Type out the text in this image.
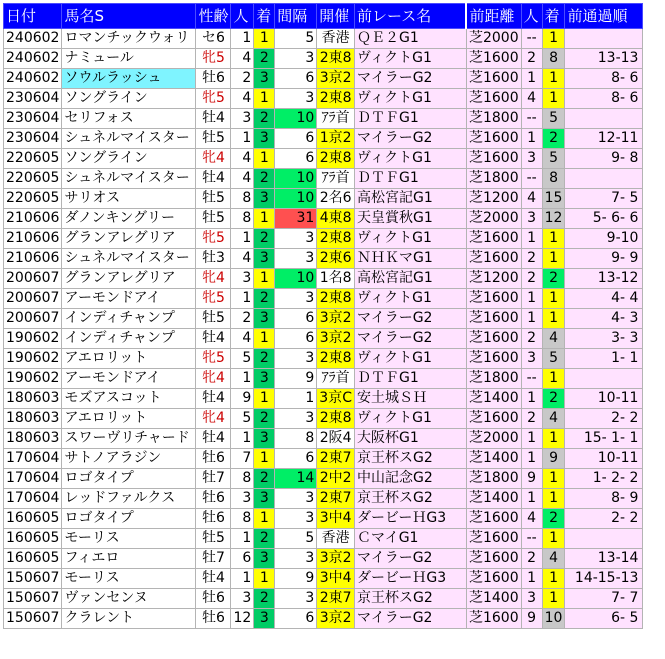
日付	馬名S	性齢	人	着	間隔	開催	前レース名	前距離	人	着	前通過順
240602	ロマンチックウォリ	セ6	1	1	5	香港	ＱＥ２G1	芝2000	--	1	
240602	ナミュール	牝5	4	2	3	2東8	ヴィクトG1	芝1600	2	8	13-13
240602	ソウルラッシュ	牡6	2	3	6	3京2	マイラーG2	芝1600	1	1	8- 6
230604	ソングライン	牝5	4	1	3	2東8	ヴィクトG1	芝1600	4	1	8- 6
230604	セリフォス	牡4	3	2	10	ｱﾗ首	ＤＴＦG1	芝1800	--	5	
230604	シュネルマイスター	牡5	1	3	6	1京2	マイラーG2	芝1600	1	2	12-11
220605	ソングライン	牝4	4	1	6	2東8	ヴィクトG1	芝1600	3	5	9- 8
220605	シュネルマイスター	牡4	4	2	10	ｱﾗ首	ＤＴＦG1	芝1800	--	8	
220605	サリオス	牡5	8	3	10	2名6	高松宮記G1	芝1200	4	15	7- 5
210606	ダノンキングリー	牡5	8	1	31	4東8	天皇賞秋G1	芝2000	3	12	5- 6- 6
210606	グランアレグリア	牝5	1	2	3	2東8	ヴィクトG1	芝1600	1	1	9-10
210606	シュネルマイスター	牡3	4	3	3	2東6	ＮＨＫマG1	芝1600	2	1	9- 9
200607	グランアレグリア	牝4	3	1	10	1名8	高松宮記G1	芝1200	2	2	13-12
200607	アーモンドアイ	牝5	1	2	3	2東8	ヴィクトG1	芝1600	1	1	4- 4
200607	インディチャンプ	牡5	2	3	6	3京2	マイラーG2	芝1600	1	1	4- 3
190602	インディチャンプ	牡4	4	1	6	3京2	マイラーG2	芝1600	2	4	3- 3
190602	アエロリット	牝5	5	2	3	2東8	ヴィクトG1	芝1600	3	5	1- 1
190602	アーモンドアイ	牝4	1	3	9	ｱﾗ首	ＤＴＦG1	芝1800	--	1	
180603	モズアスコット	牡4	9	1	1	3京C	安土城ＳＨ	芝1400	1	2	10-11
180603	アエロリット	牝4	5	2	3	2東8	ヴィクトG1	芝1600	2	4	2- 2
180603	スワーヴリチャード	牡4	1	3	8	2阪4	大阪杯G1	芝2000	1	1	15- 1- 1
170604	サトノアラジン	牡6	7	1	6	2東7	京王杯スG2	芝1400	1	9	10-11
170604	ロゴタイプ	牡7	8	2	14	2中2	中山記念G2	芝1800	9	1	1- 2- 2
170604	レッドファルクス	牡6	3	3	3	2東7	京王杯スG2	芝1400	1	1	8- 9
160605	ロゴタイプ	牡6	8	1	3	3中4	ダービーＨG3	芝1600	4	2	2- 2
160605	モーリス	牡5	1	2	5	香港	ＣマイG1	芝1600	--	1	
160605	フィエロ	牡7	6	3	3	3京2	マイラーG2	芝1600	2	4	13-14
150607	モーリス	牡4	1	1	9	3中4	ダービーＨG3	芝1600	1	1	14-15-13
150607	ヴァンセンヌ	牡6	3	2	3	2東7	京王杯スG2	芝1400	3	1	7- 7
150607	クラレント	牡6	12	3	6	3京2	マイラーG2	芝1600	9	10	6- 5
